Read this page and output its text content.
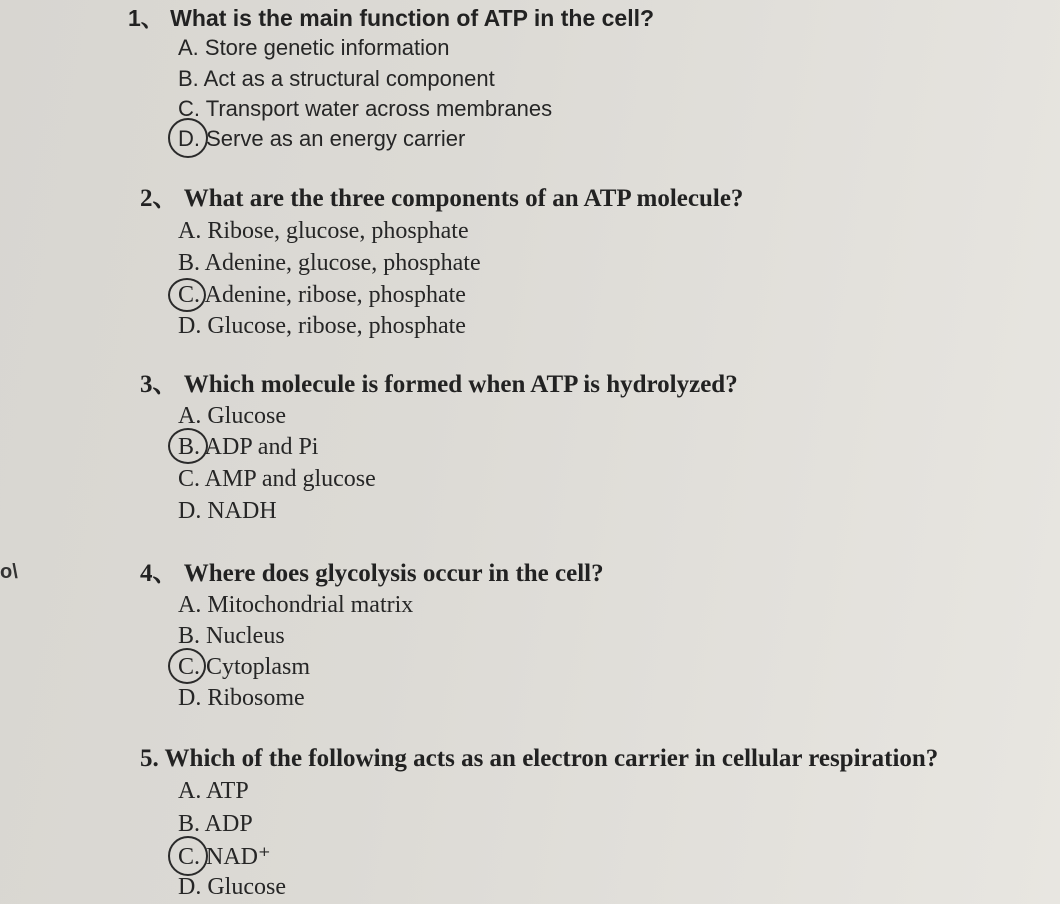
1、 What is the main function of ATP in the cell?
A. Store genetic information
B. Act as a structural component
C. Transport water across membranes
D. Serve as an energy carrier
2、 What are the three components of an ATP molecule?
A. Ribose, glucose, phosphate
B. Adenine, glucose, phosphate
C. Adenine, ribose, phosphate
D. Glucose, ribose, phosphate
3、 Which molecule is formed when ATP is hydrolyzed?
A. Glucose
B. ADP and Pi
C. AMP and glucose
D. NADH
o\	4、 Where does glycolysis occur in the cell?
A. Mitochondrial matrix
B. Nucleus
C. Cytoplasm
D. Ribosome
5. Which of the following acts as an electron carrier in cellular respiration?
A. ATP
B. ADP
C. NAD⁺
D. Glucose
